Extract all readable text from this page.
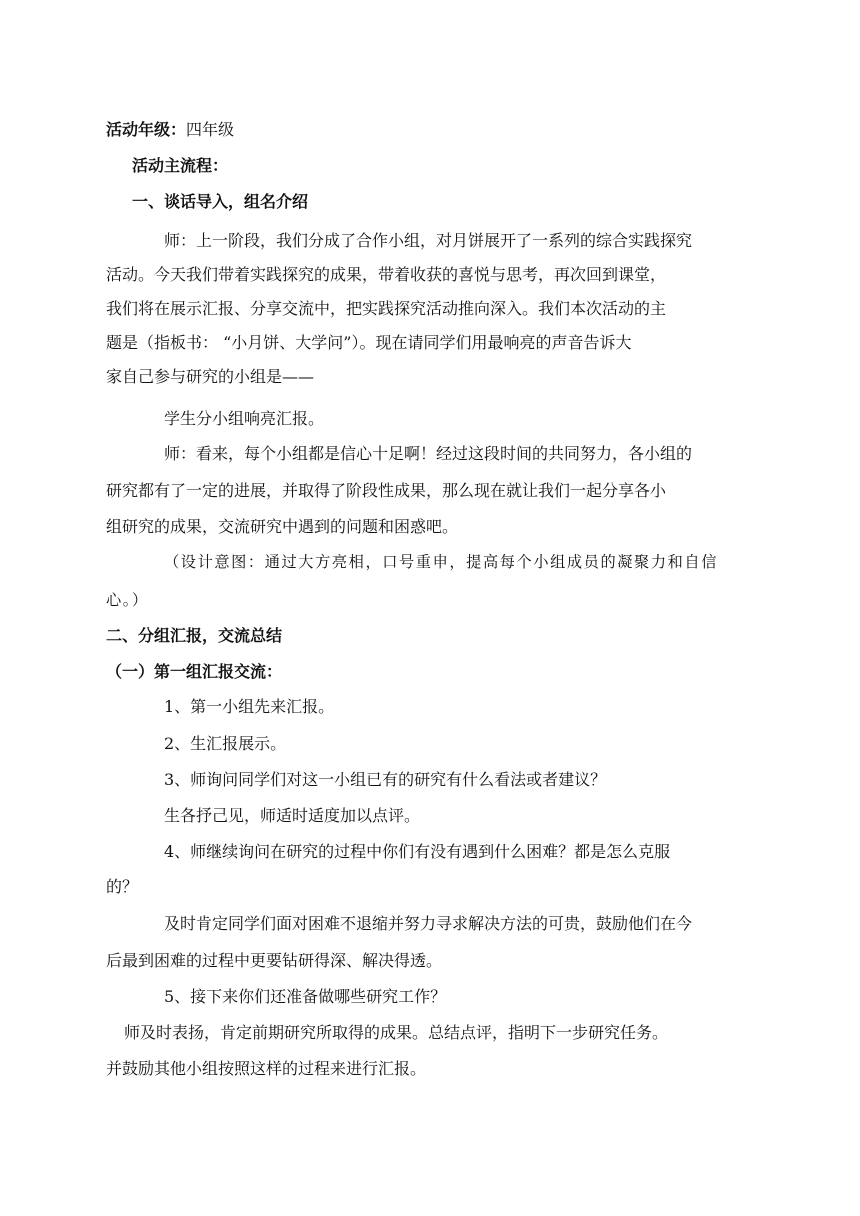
活动年级：四年级
活动主流程：
一、谈话导入，组名介绍
师：上一阶段，我们分成了合作小组，对月饼展开了一系列的综合实践探究
活动。今天我们带着实践探究的成果，带着收获的喜悦与思考，再次回到课堂，
我们将在展示汇报、分享交流中，把实践探究活动推向深入。我们本次活动的主
题是（指板书： “小月饼、大学问”）。现在请同学们用最响亮的声音告诉大
家自己参与研究的小组是——
学生分小组响亮汇报。
师：看来，每个小组都是信心十足啊！经过这段时间的共同努力，各小组的
研究都有了一定的进展，并取得了阶段性成果，那么现在就让我们一起分享各小
组研究的成果，交流研究中遇到的问题和困惑吧。
（设计意图：通过大方亮相，口号重申，提高每个小组成员的凝聚力和自信
心。）
二、分组汇报，交流总结
（一）第一组汇报交流：
1、第一小组先来汇报。
2、生汇报展示。
3、师询问同学们对这一小组已有的研究有什么看法或者建议？
生各抒己见，师适时适度加以点评。
4、师继续询问在研究的过程中你们有没有遇到什么困难？都是怎么克服
的？
及时肯定同学们面对困难不退缩并努力寻求解决方法的可贵，鼓励他们在今
后最到困难的过程中更要钻研得深、解决得透。
5、接下来你们还准备做哪些研究工作？
师及时表扬，肯定前期研究所取得的成果。总结点评，指明下一步研究任务。
并鼓励其他小组按照这样的过程来进行汇报。
